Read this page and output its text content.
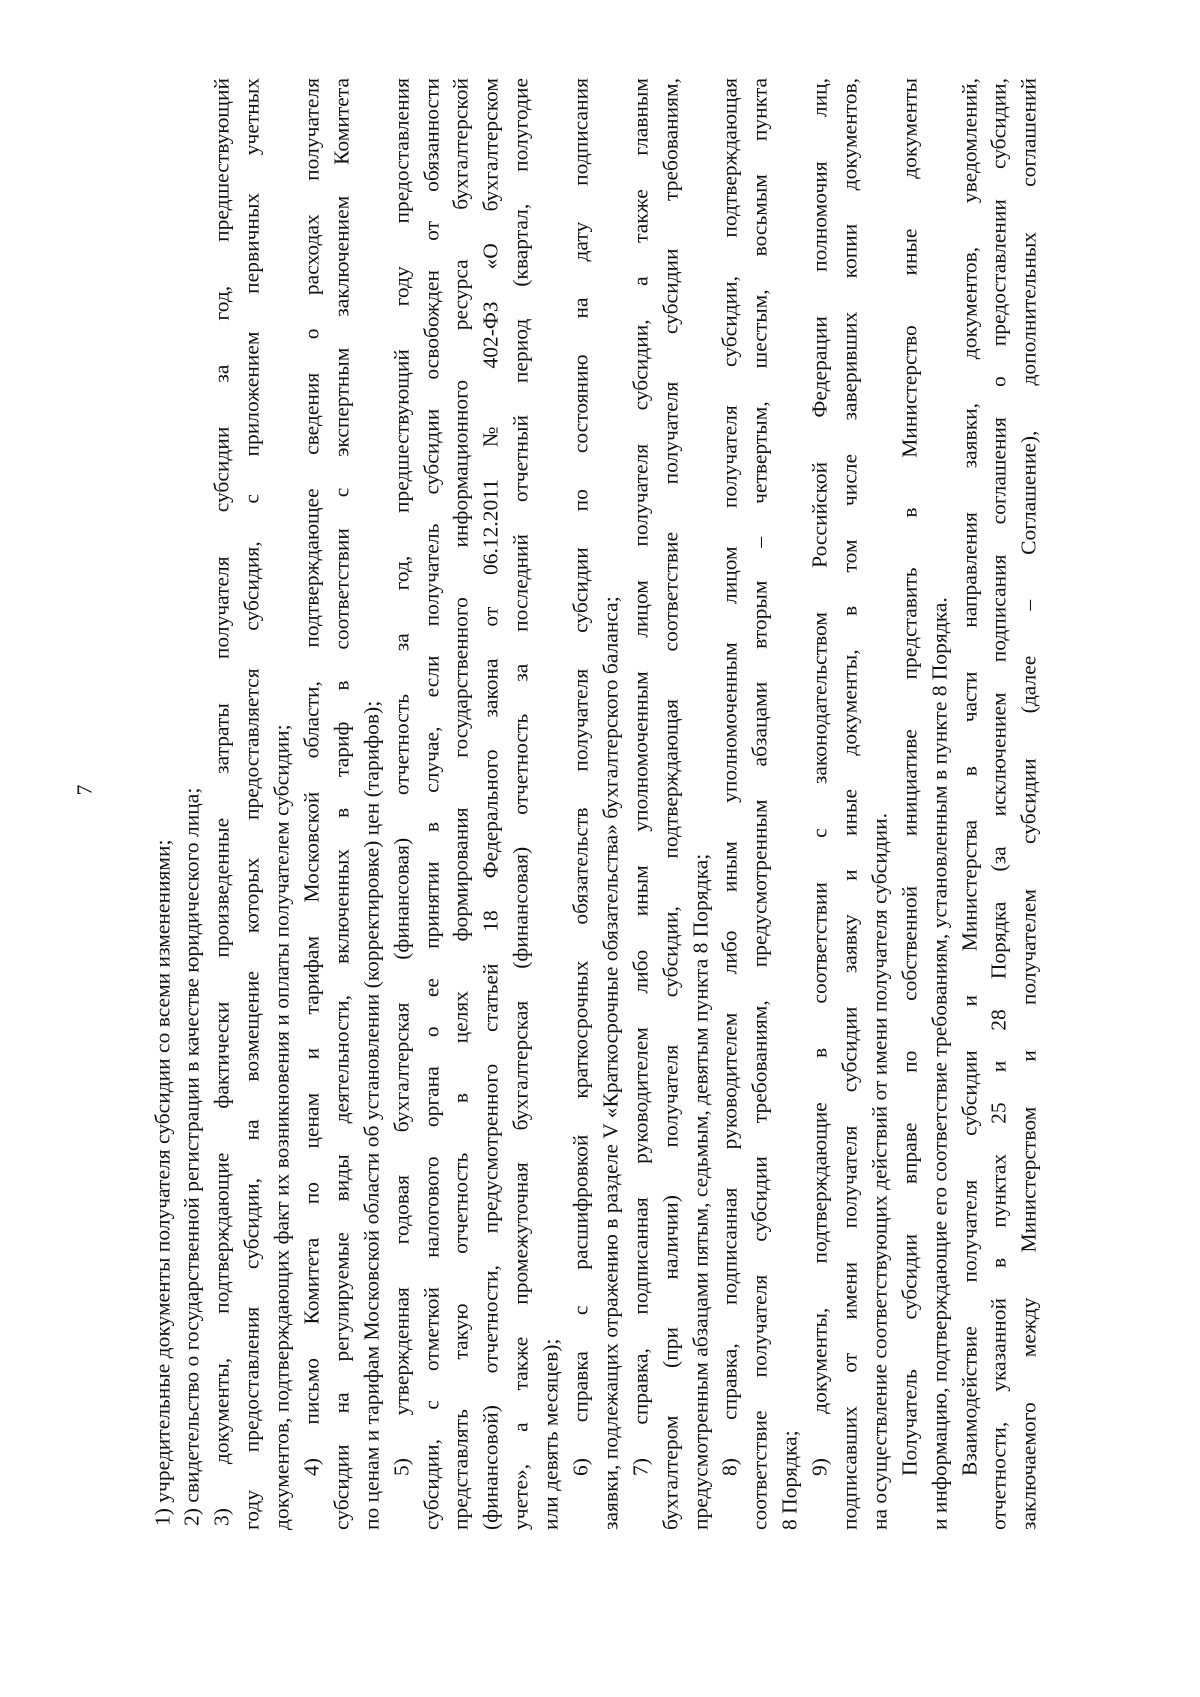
7
1) учредительные документы получателя субсидии со всеми изменениями; 2) свидетельство о государственной регистрации в качестве юридического лица; 3) документы, подтверждающие фактически произведенные затраты получателя субсидии за год, предшествующий году предоставления субсидии, на возмещение которых предоставляется субсидия, с приложением первичных учетных документов, подтверждающих факт их возникновения и оплаты получателем субсидии; 4) письмо Комитета по ценам и тарифам Московской области, подтверждающее сведения о расходах получателя субсидии на регулируемые виды деятельности, включенных в тариф в соответствии с экспертным заключением Комитета по ценам и тарифам Московской области об установлении (корректировке) цен (тарифов); 5) утвержденная годовая бухгалтерская (финансовая) отчетность за год, предшествующий году предоставления субсидии, с отметкой налогового органа о ее принятии в случае, если получатель субсидии освобожден от обязанности представлять такую отчетность в целях формирования государственного информационного ресурса бухгалтерской (финансовой) отчетности, предусмотренного статьей 18 Федерального закона от 06.12.2011 № 402-ФЗ «О бухгалтерском учете», а также промежуточная бухгалтерская (финансовая) отчетность за последний отчетный период (квартал, полугодие или девять месяцев); 6) справка с расшифровкой краткосрочных обязательств получателя субсидии по состоянию на дату подписания заявки, подлежащих отражению в разделе V «Краткосрочные обязательства» бухгалтерского баланса; 7) справка, подписанная руководителем либо иным уполномоченным лицом получателя субсидии, а также главным бухгалтером (при наличии) получателя субсидии, подтверждающая соответствие получателя субсидии требованиям, предусмотренным абзацами пятым, седьмым, девятым пункта 8 Порядка; 8) справка, подписанная руководителем либо иным уполномоченным лицом получателя субсидии, подтверждающая соответствие получателя субсидии требованиям, предусмотренным абзацами вторым – четвертым, шестым, восьмым пункта 8 Порядка;
9) документы, подтверждающие в соответствии с законодательством Российской Федерации полномочия лиц, подписавших от имени получателя субсидии заявку и иные документы, в том числе заверивших копии документов, на осуществление соответствующих действий от имени получателя субсидии. Получатель субсидии вправе по собственной инициативе представить в Министерство иные документы и информацию, подтверждающие его соответствие требованиям, установленным в пункте 8 Порядка. Взаимодействие получателя субсидии и Министерства в части направления заявки, документов, уведомлений, отчетности, указанной в пунктах 25 и 28 Порядка (за исключением подписания соглашения о предоставлении субсидии, заключаемого между Министерством и получателем субсидии (далее – Соглашение), дополнительных соглашений
